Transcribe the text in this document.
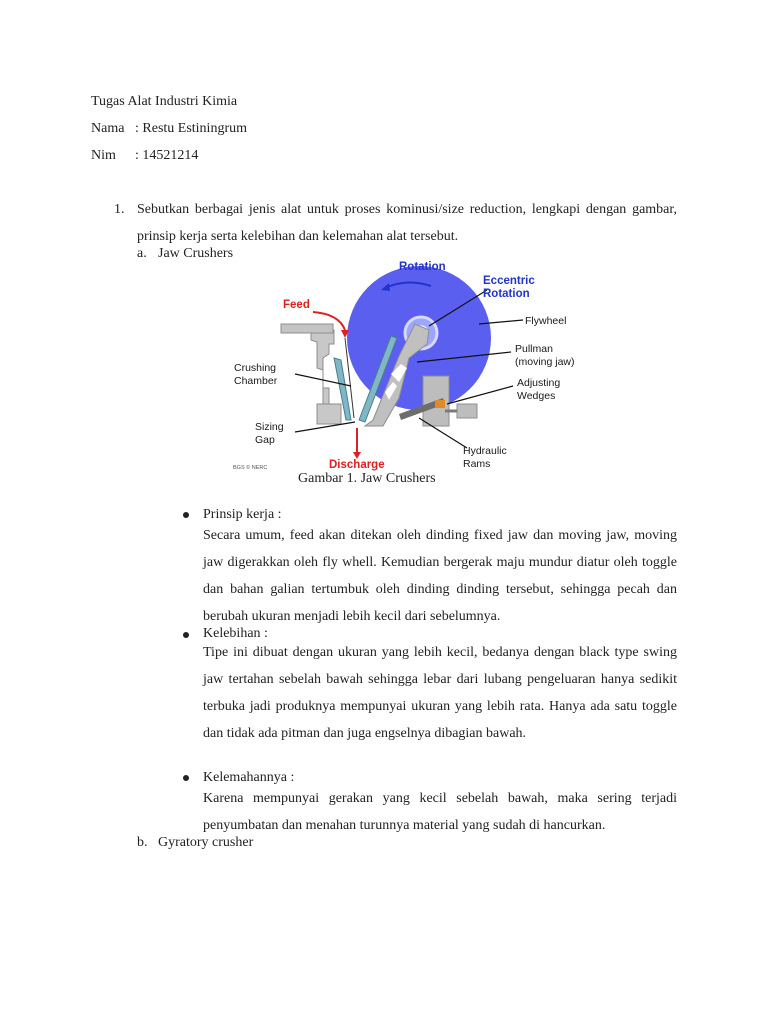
Tugas Alat Industri Kimia
Nama : Restu Estiningrum
Nim : 14521214
1. Sebutkan berbagai jenis alat untuk proses kominusi/size reduction, lengkapi dengan gambar, prinsip kerja serta kelebihan dan kelemahan alat tersebut.
a. Jaw Crushers
Rotation
Eccentric
Rotation
Feed
Flywheel
Pullman
(moving jaw)
Crushing
Chamber	Adjusting
Wedges
Sizing
Gap
Hydraulic
Rams
Discharge
BGS © NERC
Gambar 1. Jaw Crushers
Prinsip kerja :
Secara umum, feed akan ditekan oleh dinding fixed jaw dan moving jaw, moving jaw digerakkan oleh fly whell. Kemudian bergerak maju mundur diatur oleh toggle dan bahan galian tertumbuk oleh dinding dinding tersebut, sehingga pecah dan berubah ukuran menjadi lebih kecil dari sebelumnya.
Kelebihan :
Tipe ini dibuat dengan ukuran yang lebih kecil, bedanya dengan black type swing jaw tertahan sebelah bawah sehingga lebar dari lubang pengeluaran hanya sedikit terbuka jadi produknya mempunyai ukuran yang lebih rata. Hanya ada satu toggle dan tidak ada pitman dan juga engselnya dibagian bawah.
Kelemahannya :
Karena mempunyai gerakan yang kecil sebelah bawah, maka sering terjadi penyumbatan dan menahan turunnya material yang sudah di hancurkan.
b. Gyratory crusher
